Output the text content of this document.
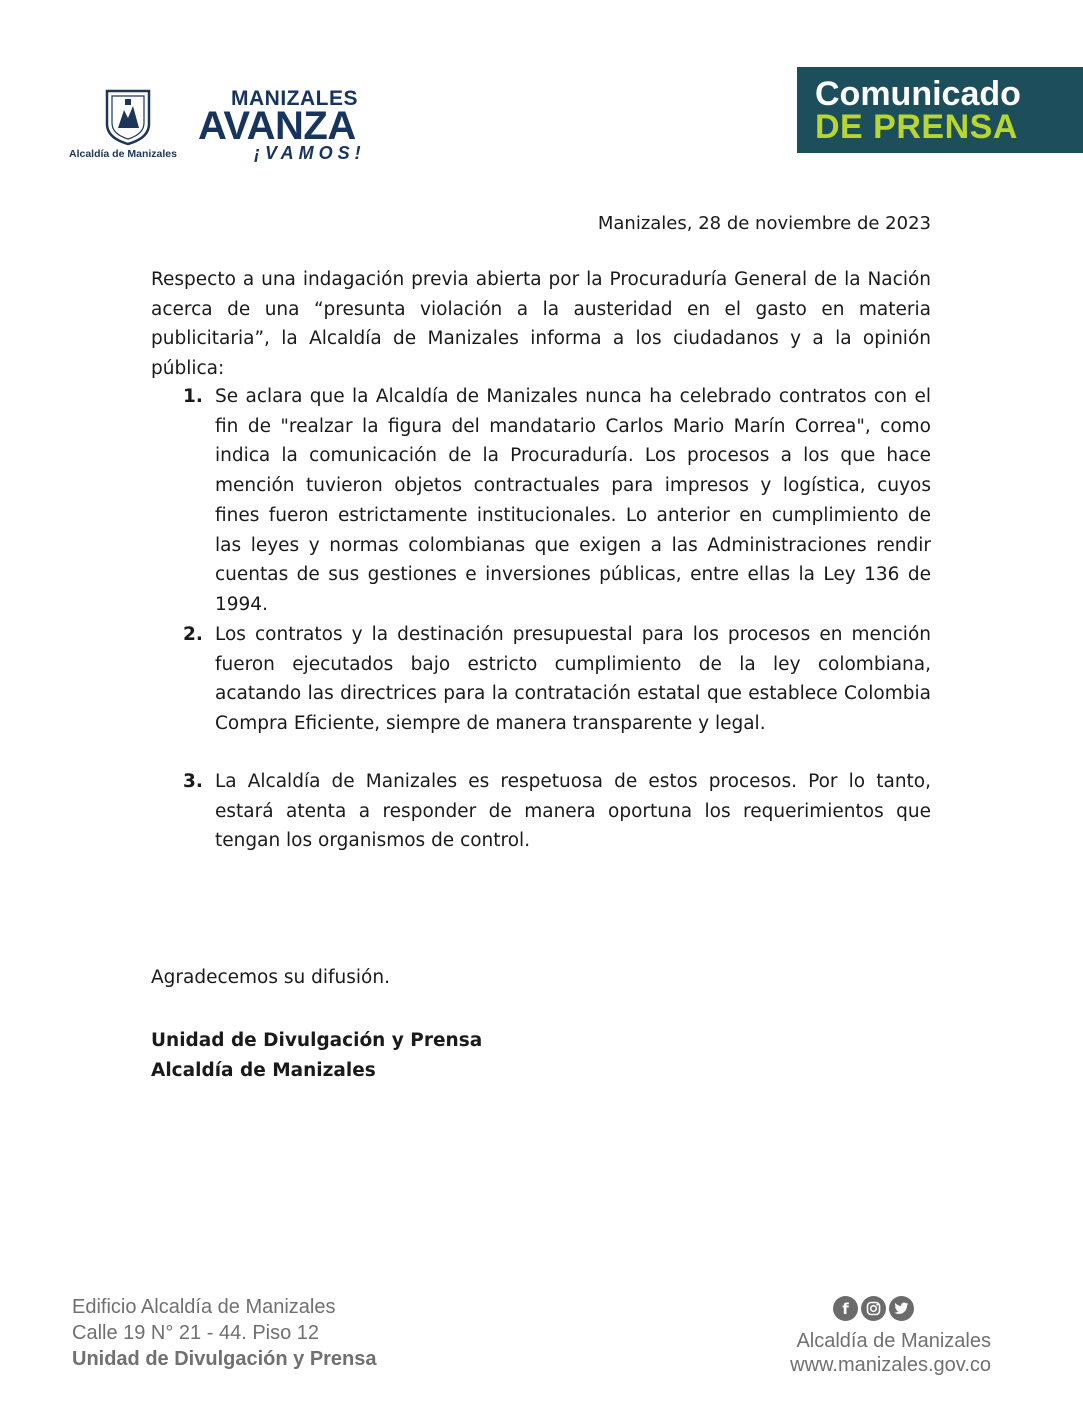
Alcaldía de Manizales
MANIZALES
AVANZA
¡VAMOS!
Comunicado
DE PRENSA
Manizales, 28 de noviembre de 2023
Respecto a una indagación previa abierta por la Procuraduría General de la Nación acerca de una “presunta violación a la austeridad en el gasto en materia publicitaria”, la Alcaldía de Manizales informa a los ciudadanos y a la opinión pública:
1. Se aclara que la Alcaldía de Manizales nunca ha celebrado contratos con el fin de "realzar la figura del mandatario Carlos Mario Marín Correa", como indica la comunicación de la Procuraduría. Los procesos a los que hace mención tuvieron objetos contractuales para impresos y logística, cuyos fines fueron estrictamente institucionales. Lo anterior en cumplimiento de las leyes y normas colombianas que exigen a las Administraciones rendir cuentas de sus gestiones e inversiones públicas, entre ellas la Ley 136 de 1994.
2. Los contratos y la destinación presupuestal para los procesos en mención fueron ejecutados bajo estricto cumplimiento de la ley colombiana, acatando las directrices para la contratación estatal que establece Colombia Compra Eficiente, siempre de manera transparente y legal.
3. La Alcaldía de Manizales es respetuosa de estos procesos. Por lo tanto, estará atenta a responder de manera oportuna los requerimientos que tengan los organismos de control.
Agradecemos su difusión.
Unidad de Divulgación y Prensa
Alcaldía de Manizales
Edificio Alcaldía de Manizales
Calle 19 N° 21 - 44. Piso 12
Unidad de Divulgación y Prensa
f
Alcaldía de Manizales
www.manizales.gov.co
